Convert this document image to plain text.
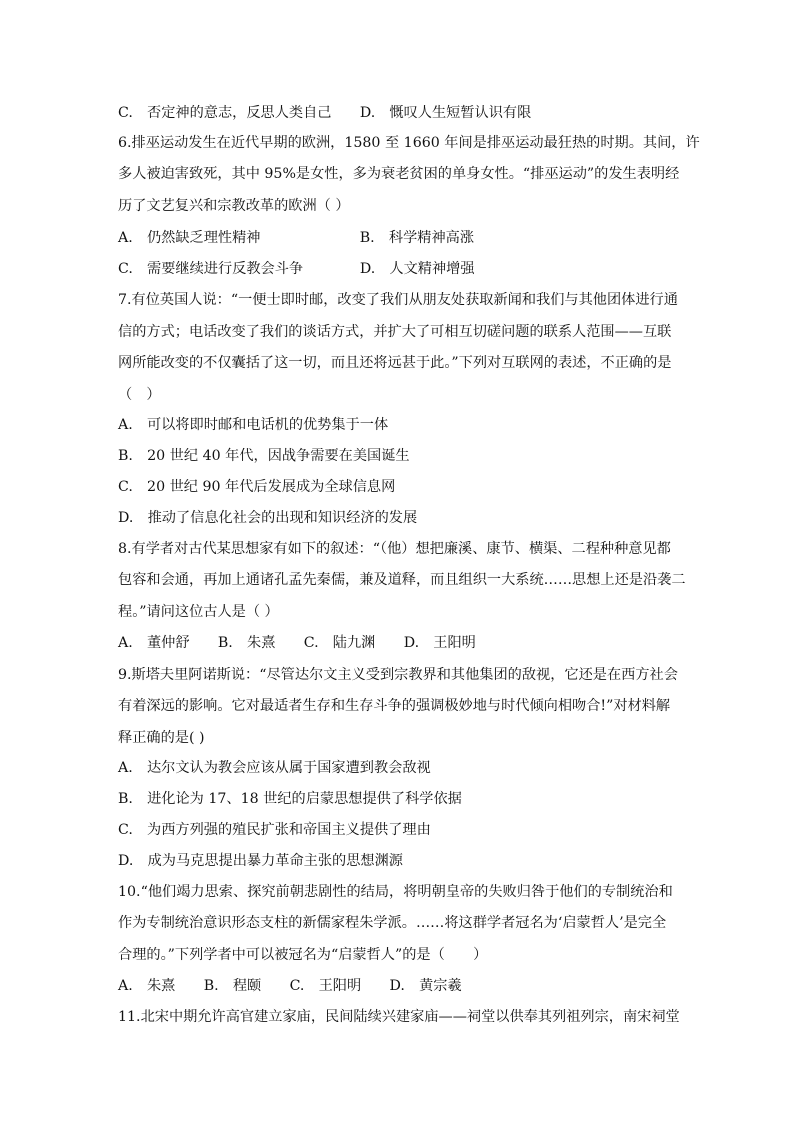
C.　否定神的意志，反思人类自己　　D.　慨叹人生短暂认识有限
6.排巫运动发生在近代早期的欧洲，1580 至 1660 年间是排巫运动最狂热的时期。其间，许
多人被迫害致死，其中 95%是女性，多为衰老贫困的单身女性。“排巫运动”的发生表明经
历了文艺复兴和宗教改革的欧洲（ ）
A.　仍然缺乏理性精神　　　　　　　B.　科学精神高涨
C.　需要继续进行反教会斗争　　　　D.　人文精神增强
7.有位英国人说：“一便士即时邮，改变了我们从朋友处获取新闻和我们与其他团体进行通
信的方式；电话改变了我们的谈话方式，并扩大了可相互切磋问题的联系人范围——互联
网所能改变的不仅囊括了这一切，而且还将远甚于此。”下列对互联网的表述，不正确的是
（　）
A.　可以将即时邮和电话机的优势集于一体
B.　20 世纪 40 年代，因战争需要在美国诞生
C.　20 世纪 90 年代后发展成为全球信息网
D.　推动了信息化社会的出现和知识经济的发展
8.有学者对古代某思想家有如下的叙述：“（他）想把廉溪、康节、横渠、二程种种意见都
包容和会通，再加上通诸孔孟先秦儒，兼及道释，而且组织一大系统……思想上还是沿袭二
程。”请问这位古人是（ ）
A.　董仲舒　　B.　朱熹　　C.　陆九渊　　D.　王阳明
9.斯塔夫里阿诺斯说：“尽管达尔文主义受到宗教界和其他集团的敌视，它还是在西方社会
有着深远的影响。它对最适者生存和生存斗争的强调极妙地与时代倾向相吻合!”对材料解
释正确的是( )
A.　达尔文认为教会应该从属于国家遭到教会敌视
B.　进化论为 17、18 世纪的启蒙思想提供了科学依据
C.　为西方列强的殖民扩张和帝国主义提供了理由
D.　成为马克思提出暴力革命主张的思想渊源
10.“他们竭力思索、探究前朝悲剧性的结局，将明朝皇帝的失败归咎于他们的专制统治和
作为专制统治意识形态支柱的新儒家程朱学派。……将这群学者冠名为‘启蒙哲人’是完全
合理的。”下列学者中可以被冠名为“启蒙哲人”的是（　　）
A.　朱熹　　B.　程颐　　C.　王阳明　　D.　黄宗羲
11.北宋中期允许高官建立家庙，民间陆续兴建家庙——祠堂以供奉其列祖列宗，南宋祠堂
